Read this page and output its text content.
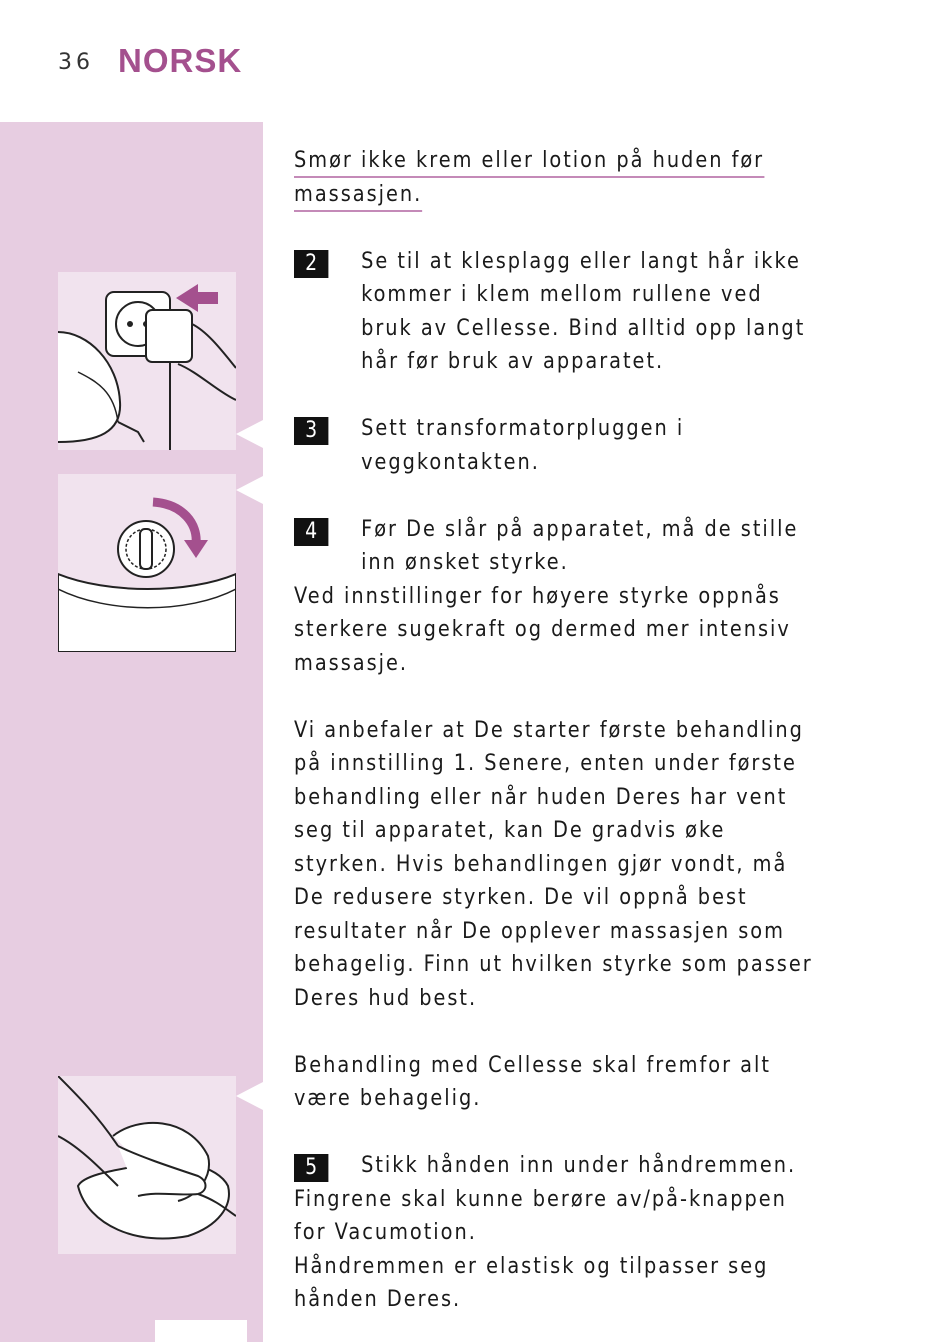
36 NORSK

Smør ikke krem eller lotion på huden før massasjen.

2	Se til at klesplagg eller langt hår ikke kommer i klem mellom rullene ved bruk av Cellesse. Bind alltid opp langt hår før bruk av apparatet.
3	Sett transformatorpluggen i veggkontakten.
4	Før De slår på apparatet, må de stille inn ønsket styrke.

Ved innstillinger for høyere styrke oppnås sterkere sugekraft og dermed mer intensiv massasje.

Vi anbefaler at De starter første behandling på innstilling 1. Senere, enten under første behandling eller når huden Deres har vent seg til apparatet, kan De gradvis øke styrken. Hvis behandlingen gjør vondt, må De redusere styrken. De vil oppnå best resultater når De opplever massasjen som behagelig. Finn ut hvilken styrke som passer Deres hud best.

Behandling med Cellesse skal fremfor alt være behagelig.

5	Stikk hånden inn under håndremmen.

Fingrene skal kunne berøre av/på-knappen for Vacumotion.

Håndremmen er elastisk og tilpasser seg hånden Deres.
